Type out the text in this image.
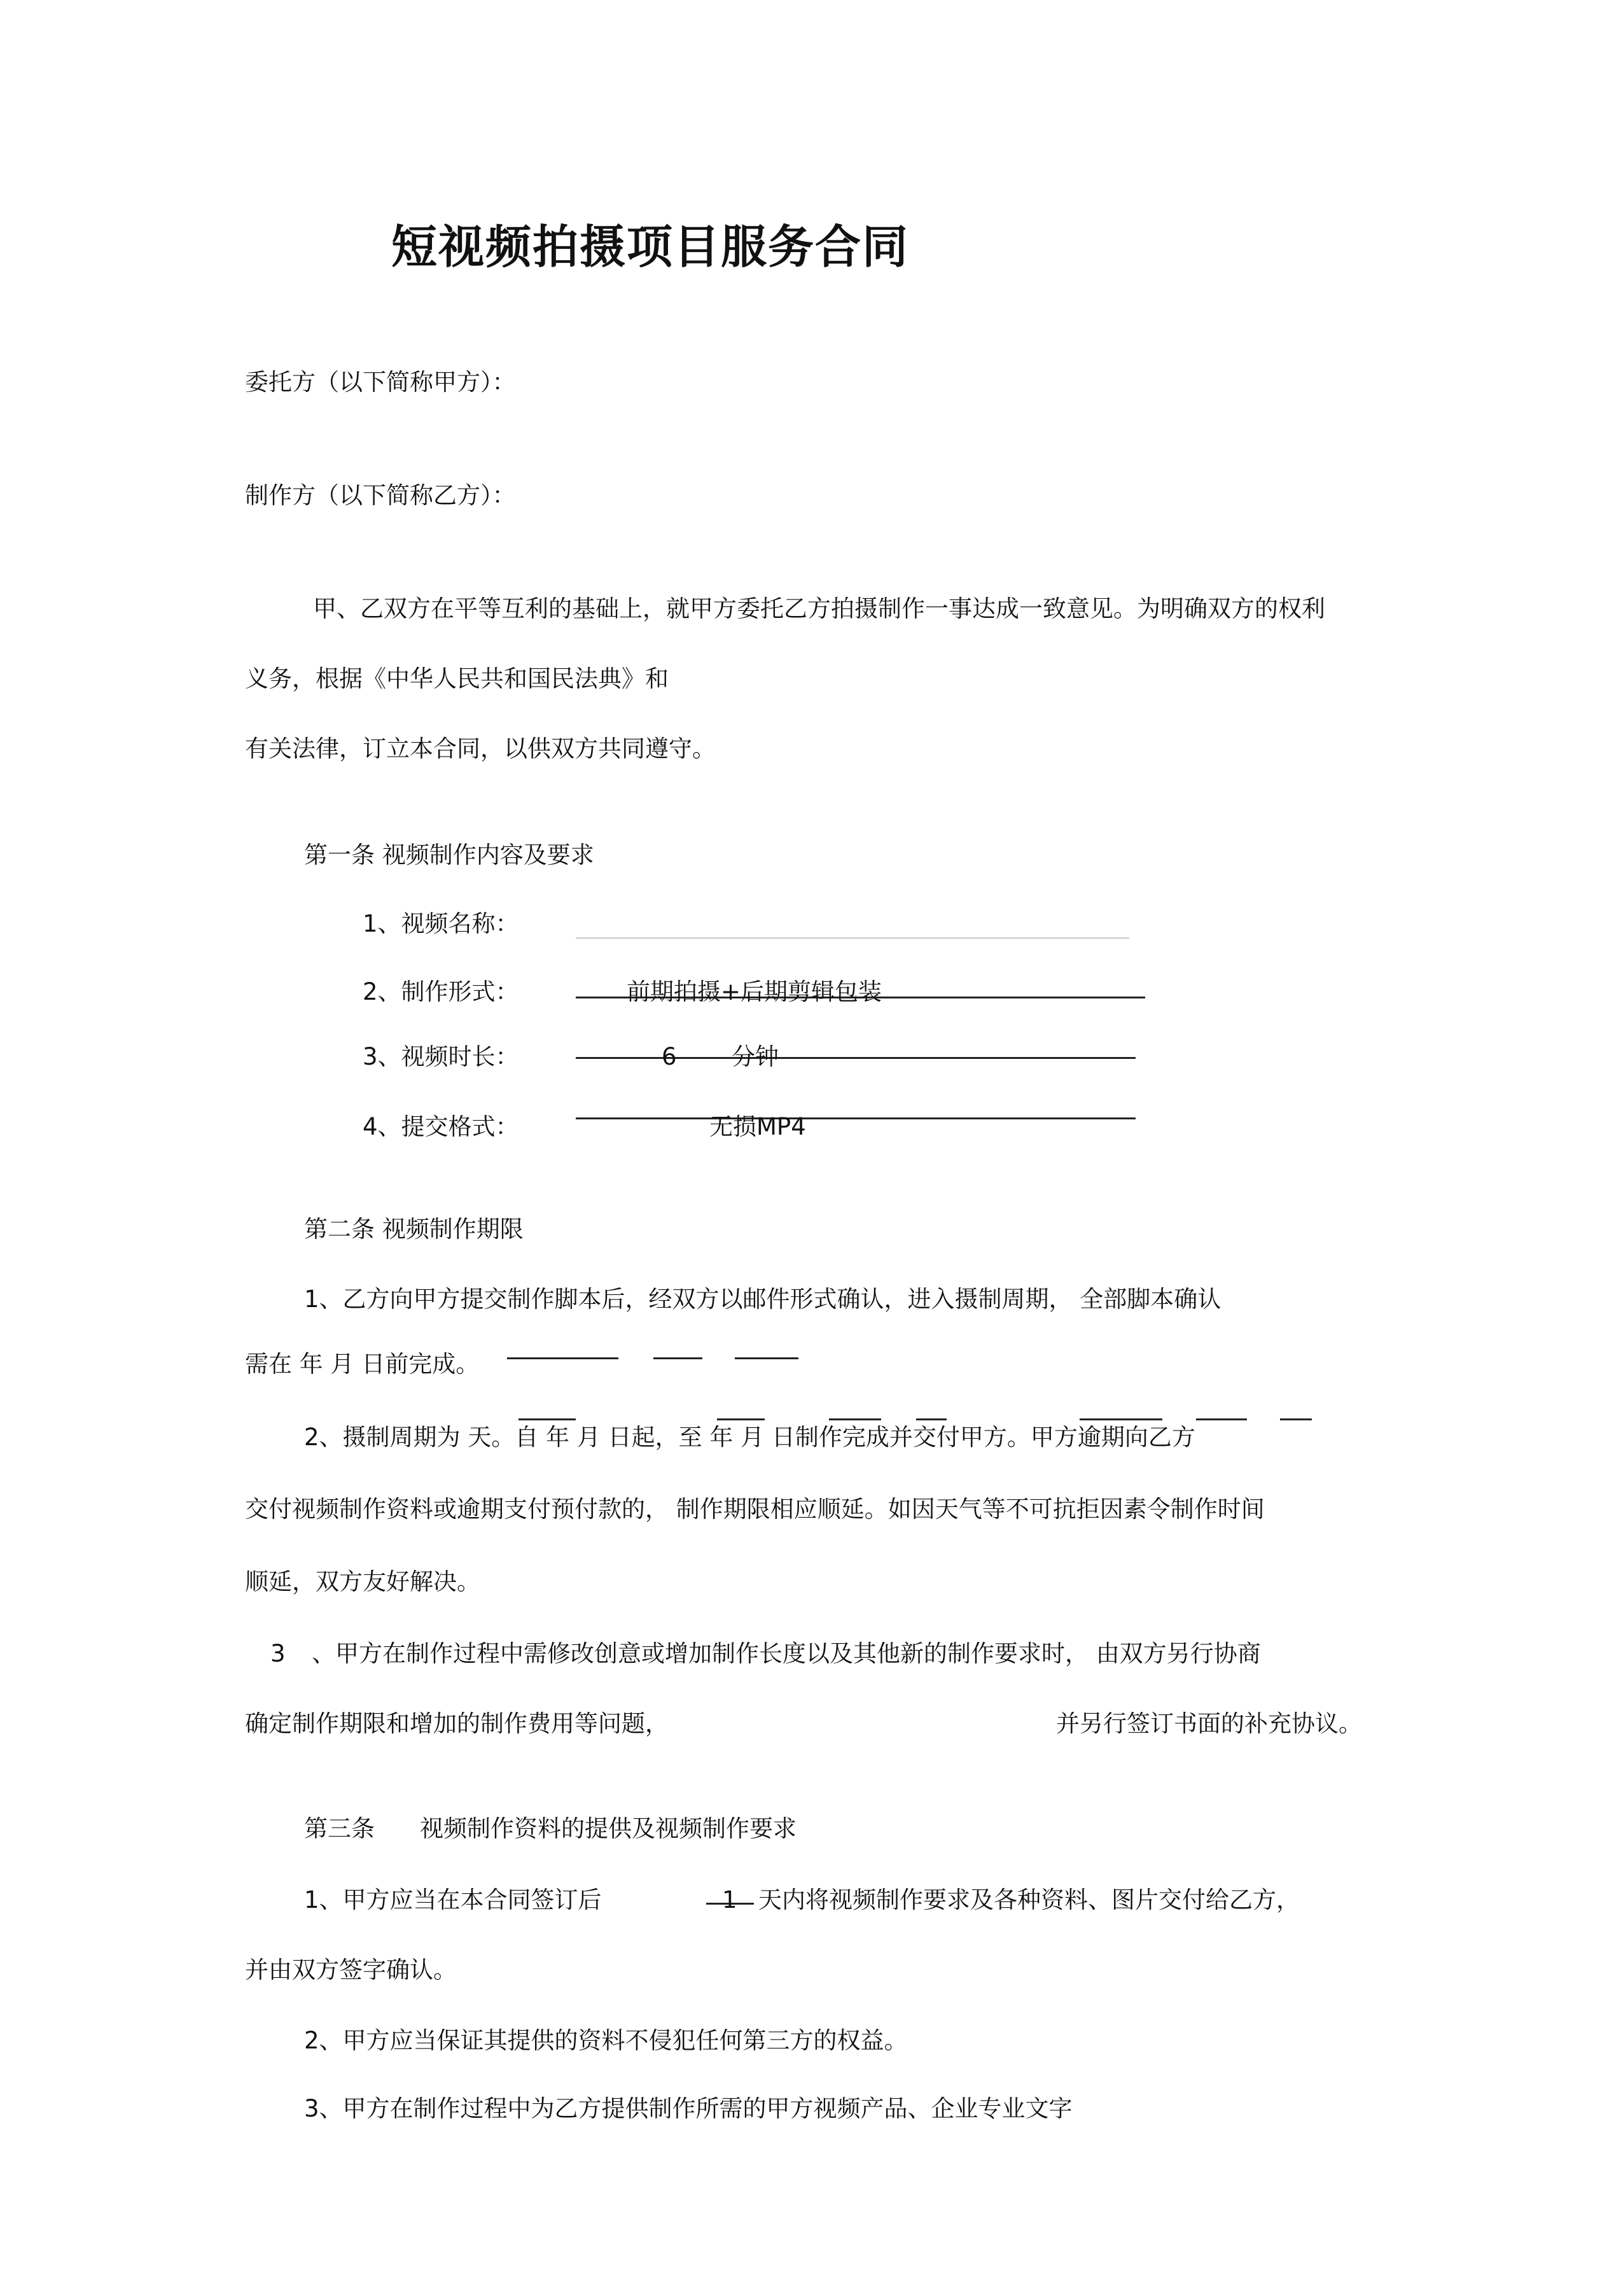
短视频拍摄项目服务合同
委托方（以下简称甲方）：
制作方（以下简称乙方）：
甲、乙双方在平等互利的基础上，就甲方委托乙方拍摄制作一事达成一致意见。为明确双方的权利
义务，根据《中华人民共和国民法典》和
有关法律，订立本合同，以供双方共同遵守。
第一条 视频制作内容及要求
1、视频名称：
2、制作形式：	前期拍摄+后期剪辑包装
3、视频时长：	6 分钟
4、提交格式：	无损MP4
第二条 视频制作期限
1、乙方向甲方提交制作脚本后，经双方以邮件形式确认，进入摄制周期， 全部脚本确认
需在 年 月 日前完成。
2、摄制周期为 天。自 年 月 日起，至 年 月 日制作完成并交付甲方。甲方逾期向乙方
交付视频制作资料或逾期支付预付款的， 制作期限相应顺延。如因天气等不可抗拒因素令制作时间
顺延，双方友好解决。
3 、甲方在制作过程中需修改创意或增加制作长度以及其他新的制作要求时， 由双方另行协商
确定制作期限和增加的制作费用等问题，	并另行签订书面的补充协议。
第三条 视频制作资料的提供及视频制作要求
1、甲方应当在本合同签订后	1 天内将视频制作要求及各种资料、图片交付给乙方，
并由双方签字确认。
2、甲方应当保证其提供的资料不侵犯任何第三方的权益。
3、甲方在制作过程中为乙方提供制作所需的甲方视频产品、企业专业文字
